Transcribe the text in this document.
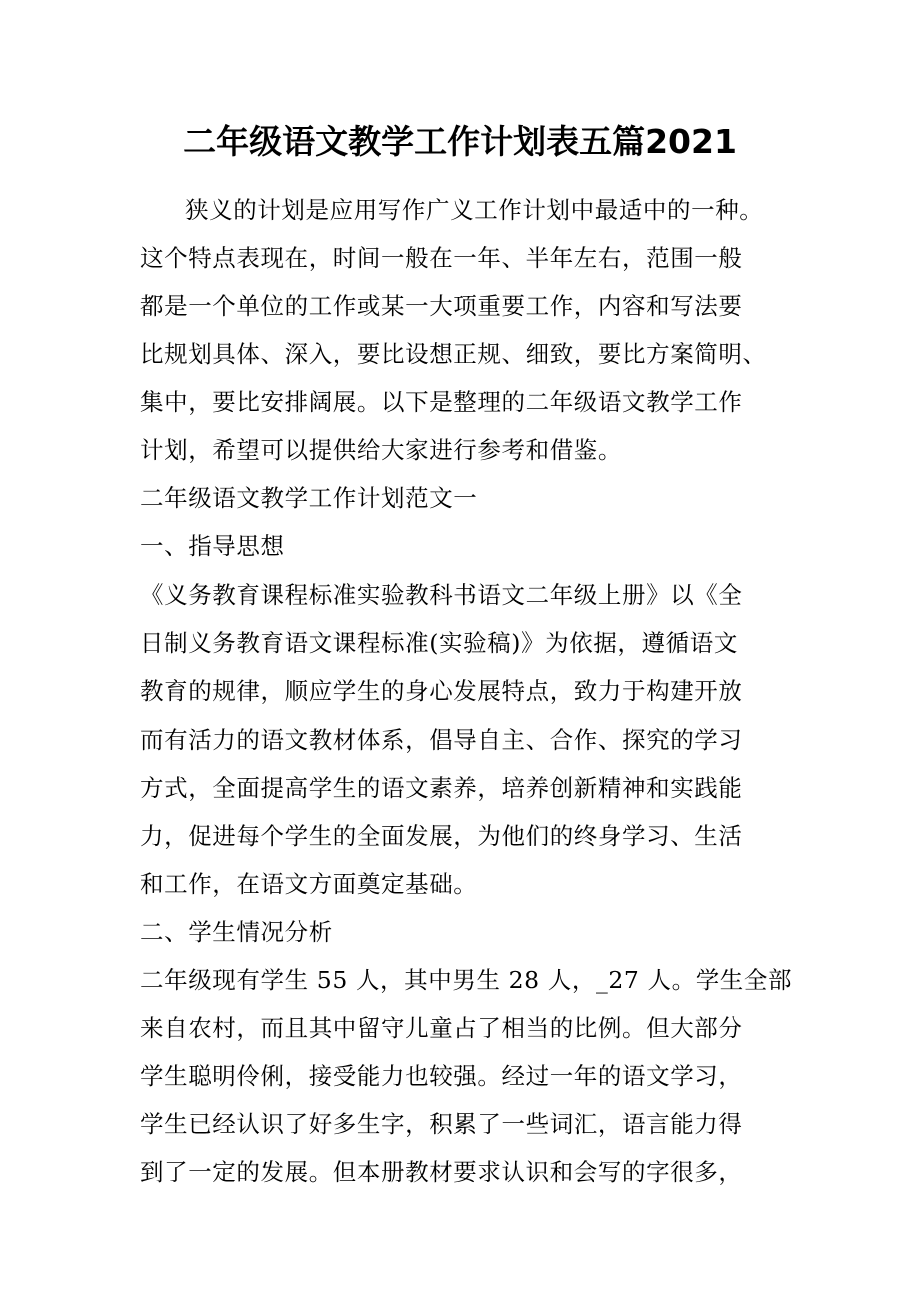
二年级语文教学工作计划表五篇2021

狭义的计划是应用写作广义工作计划中最适中的一种。

这个特点表现在，时间一般在一年、半年左右，范围一般

都是一个单位的工作或某一大项重要工作，内容和写法要

比规划具体、深入，要比设想正规、细致，要比方案简明、

集中，要比安排阔展。以下是整理的二年级语文教学工作

计划，希望可以提供给大家进行参考和借鉴。

二年级语文教学工作计划范文一

一、指导思想

《义务教育课程标准实验教科书语文二年级上册》以《全

日制义务教育语文课程标准(实验稿)》为依据，遵循语文

教育的规律，顺应学生的身心发展特点，致力于构建开放

而有活力的语文教材体系，倡导自主、合作、探究的学习

方式，全面提高学生的语文素养，培养创新精神和实践能

力，促进每个学生的全面发展，为他们的终身学习、生活

和工作，在语文方面奠定基础。

二、学生情况分析

二年级现有学生 55 人，其中男生 28 人，_27 人。学生全部

来自农村，而且其中留守儿童占了相当的比例。但大部分

学生聪明伶俐，接受能力也较强。经过一年的语文学习，

学生已经认识了好多生字，积累了一些词汇，语言能力得

到了一定的发展。但本册教材要求认识和会写的字很多，
